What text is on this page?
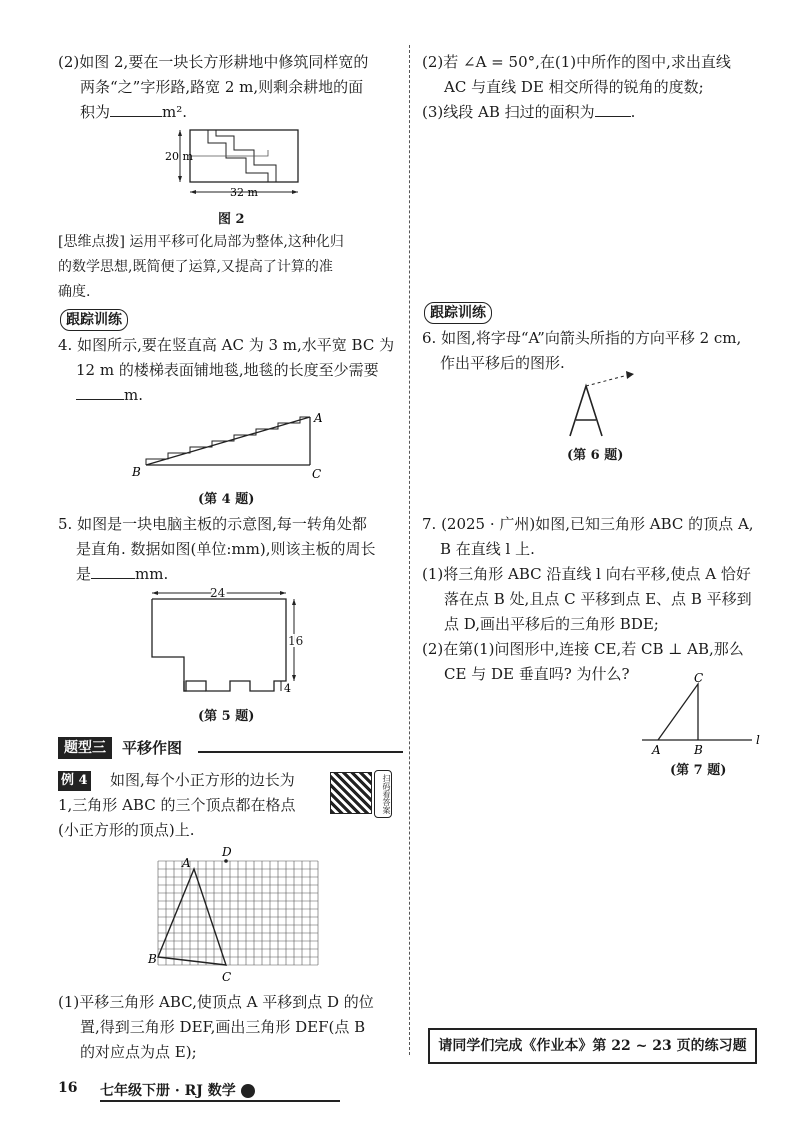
(2)如图 2,要在一块长方形耕地中修筑同样宽的
两条“之”字形路,路宽 2 m,则剩余耕地的面
积为	m².
20 m
32 m
图 2
[思维点拨] 运用平移可化局部为整体,这种化归
的数学思想,既简便了运算,又提高了计算的准
确度.
跟踪训练
4. 如图所示,要在竖直高 AC 为 3 m,水平宽 BC 为
12 m 的楼梯表面铺地毯,地毯的长度至少需要
m.
A
B	C
(第 4 题)
5. 如图是一块电脑主板的示意图,每一转角处都
是直角. 数据如图(单位:mm),则该主板的周长
是	mm.
24
16
4
(第 5 题)
题型三	平移作图
例 4 如图,每个小正方形的边长为
1,三角形 ABC 的三个顶点都在格点
(小正方形的顶点)上.
扫码看答案
A
B
C
D
(1)平移三角形 ABC,使顶点 A 平移到点 D 的位
置,得到三角形 DEF,画出三角形 DEF(点 B
的对应点为点 E);
(2)若 ∠A = 50°,在(1)中所作的图中,求出直线
AC 与直线 DE 相交所得的锐角的度数;
(3)线段 AB 扫过的面积为 .
跟踪训练
6. 如图,将字母“A”向箭头所指的方向平移 2 cm,
作出平移后的图形.
(第 6 题)
7. (2025 · 广州)如图,已知三角形 ABC 的顶点 A,
B 在直线 l 上.
(1)将三角形 ABC 沿直线 l 向右平移,使点 A 恰好
落在点 B 处,且点 C 平移到点 E、点 B 平移到
点 D,画出平移后的三角形 BDE;
(2)在第(1)问图形中,连接 CE,若 CB ⊥ AB,那么
CE 与 DE 垂直吗? 为什么?
A	B
C
l
(第 7 题)
请同学们完成《作业本》第 22 ~ 23 页的练习题
16 七年级下册 · RJ 数学
